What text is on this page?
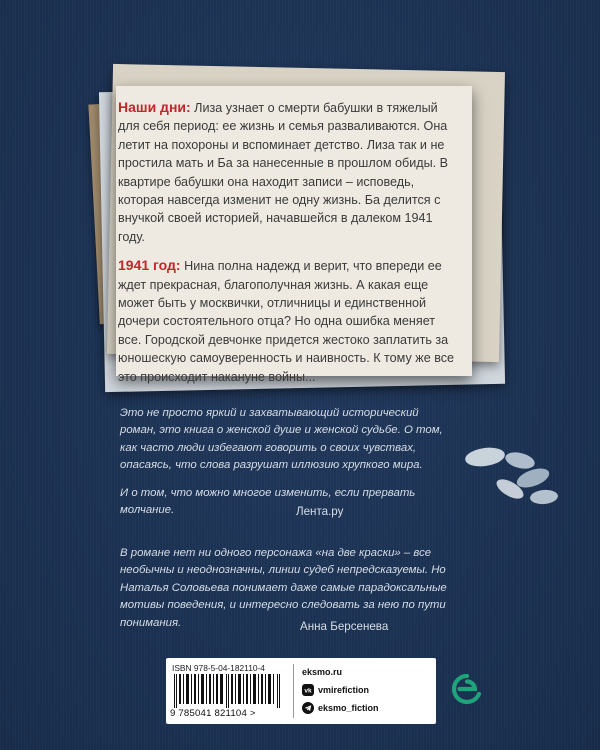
Наши дни: Лиза узнает о смерти бабушки в тяжелый для себя период: ее жизнь и семья разваливаются. Она летит на похороны и вспоминает детство. Лиза так и не простила мать и Ба за нанесенные в прошлом обиды. В квартире бабушки она находит записи – исповедь, которая навсегда изменит не одну жизнь. Ба делится с внучкой своей историей, начавшейся в далеком 1941 году.

1941 год: Нина полна надежд и верит, что впереди ее ждет прекрасная, благополучная жизнь. А какая еще может быть у москвички, отличницы и единственной дочери состоятельного отца? Но одна ошибка меняет все. Городской девчонке придется жестоко заплатить за юношескую самоуверенность и наивность. К тому же все это происходит накануне войны...

Это не просто яркий и захватывающий исторический роман, это книга о женской душе и женской судьбе. О том, как часто люди избегают говорить о своих чувствах, опасаясь, что слова разрушат иллюзию хрупкого мира.

И о том, что можно многое изменить, если прервать молчание.	Лента.ру

В романе нет ни одного персонажа «на две краски» – все необычны и неоднозначны, линии судеб непредсказуемы. Но Наталья Соловьева понимает даже самые парадоксальные мотивы поведения, и интересно следовать за нею по пути понимания.	Анна Берсенева
ISBN 978-5-04-182110-4
9 785041 821104 >
eksmo.ru
vk vmirefiction
eksmo_fiction
